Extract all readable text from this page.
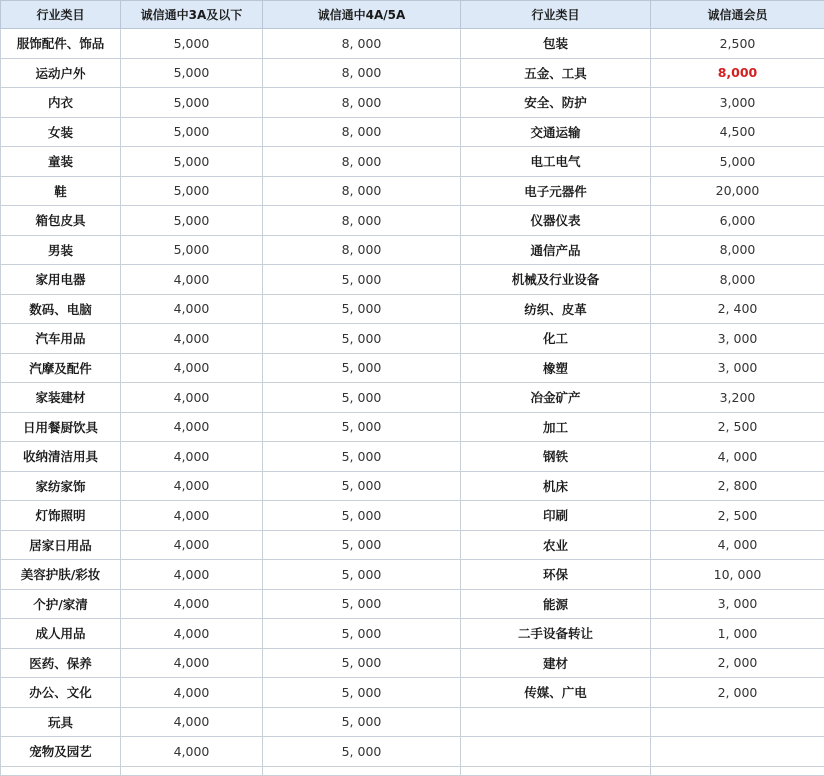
行业类目	诚信通中3A及以下	诚信通中4A/5A	行业类目	诚信通会员
服饰配件、饰品	5,000	8, 000	包装	2,500
运动户外	5,000	8, 000	五金、工具	8,000
内衣	5,000	8, 000	安全、防护	3,000
女装	5,000	8, 000	交通运输	4,500
童装	5,000	8, 000	电工电气	5,000
鞋	5,000	8, 000	电子元器件	20,000
箱包皮具	5,000	8, 000	仪器仪表	6,000
男装	5,000	8, 000	通信产品	8,000
家用电器	4,000	5, 000	机械及行业设备	8,000
数码、电脑	4,000	5, 000	纺织、皮革	2, 400
汽车用品	4,000	5, 000	化工	3, 000
汽摩及配件	4,000	5, 000	橡塑	3, 000
家装建材	4,000	5, 000	冶金矿产	3,200
日用餐厨饮具	4,000	5, 000	加工	2, 500
收纳清洁用具	4,000	5, 000	钢铁	4, 000
家纺家饰	4,000	5, 000	机床	2, 800
灯饰照明	4,000	5, 000	印刷	2, 500
居家日用品	4,000	5, 000	农业	4, 000
美容护肤/彩妆	4,000	5, 000	环保	10, 000
个护/家清	4,000	5, 000	能源	3, 000
成人用品	4,000	5, 000	二手设备转让	1, 000
医药、保养	4,000	5, 000	建材	2, 000
办公、文化	4,000	5, 000	传媒、广电	2, 000
玩具	4,000	5, 000		
宠物及园艺	4,000	5, 000		
